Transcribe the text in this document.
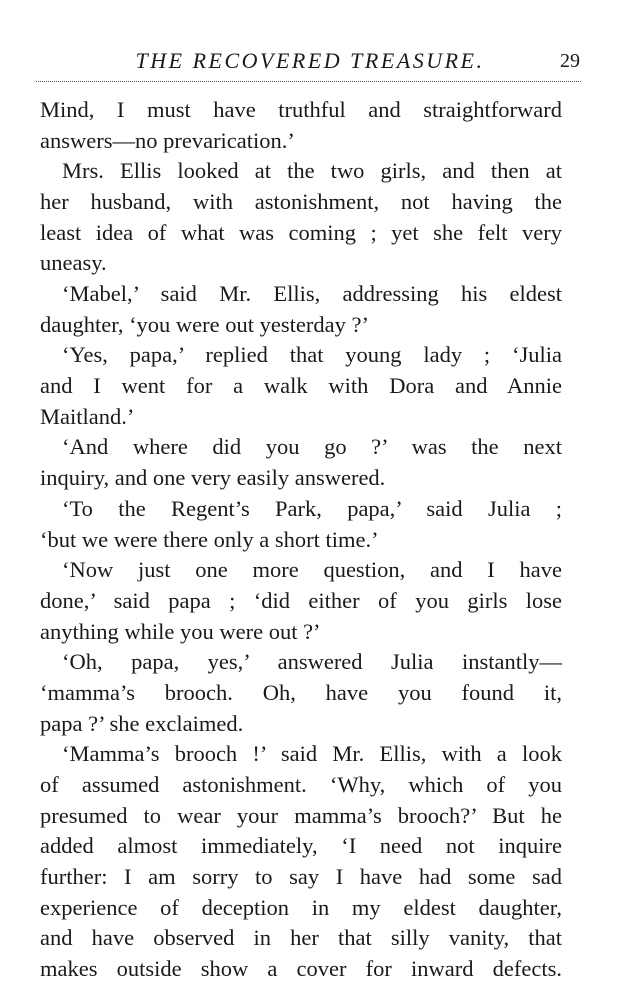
THE RECOVERED TREASURE.	29
Mind, I must have truthful and straightforward
answers—no prevarication.’
Mrs. Ellis looked at the two girls, and then at
her husband, with astonishment, not having the
least idea of what was coming ; yet she felt very
uneasy.
‘Mabel,’ said Mr. Ellis, addressing his eldest
daughter, ‘you were out yesterday ?’
‘Yes, papa,’ replied that young lady ; ‘Julia
and I went for a walk with Dora and Annie
Maitland.’
‘And where did you go ?’ was the next
inquiry, and one very easily answered.
‘To the Regent’s Park, papa,’ said Julia ;
‘but we were there only a short time.’
‘Now just one more question, and I have
done,’ said papa ; ‘did either of you girls lose
anything while you were out ?’
‘Oh, papa, yes,’ answered Julia instantly—
‘mamma’s brooch. Oh, have you found it,
papa ?’ she exclaimed.
‘Mamma’s brooch !’ said Mr. Ellis, with a look
of assumed astonishment. ‘Why, which of you
presumed to wear your mamma’s brooch?’ But he
added almost immediately, ‘I need not inquire
further: I am sorry to say I have had some sad
experience of deception in my eldest daughter,
and have observed in her that silly vanity, that
makes outside show a cover for inward defects.
